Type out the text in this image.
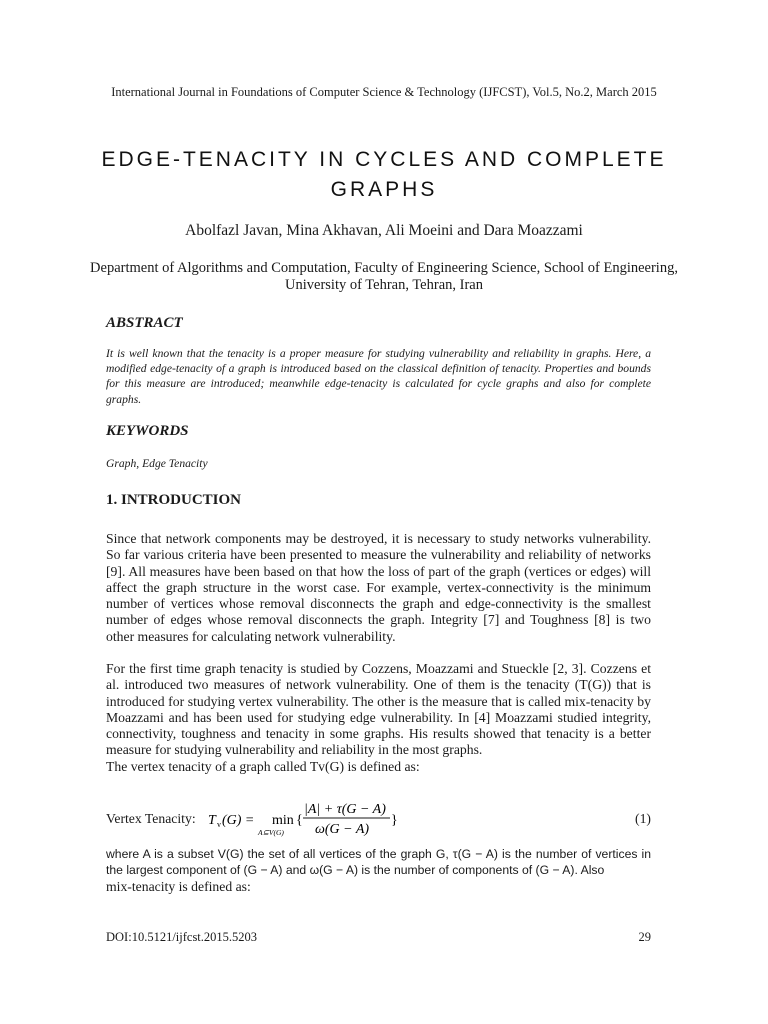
International Journal in Foundations of Computer Science & Technology (IJFCST), Vol.5, No.2, March 2015
EDGE-TENACITY IN CYCLES AND COMPLETE
GRAPHS
Abolfazl Javan, Mina Akhavan, Ali Moeini and Dara Moazzami
Department of Algorithms and Computation, Faculty of Engineering Science, School of Engineering, University of Tehran, Tehran, Iran
ABSTRACT
It is well known that the tenacity is a proper measure for studying vulnerability and reliability in graphs. Here, a modified edge-tenacity of a graph is introduced based on the classical definition of tenacity. Properties and bounds for this measure are introduced; meanwhile edge-tenacity is calculated for cycle graphs and also for complete graphs.
KEYWORDS
Graph, Edge Tenacity
1. INTRODUCTION

Since that network components may be destroyed, it is necessary to study networks vulnerability. So far various criteria have been presented to measure the vulnerability and reliability of networks [9]. All measures have been based on that how the loss of part of the graph (vertices or edges) will affect the graph structure in the worst case. For example, vertex-connectivity is the minimum number of vertices whose removal disconnects the graph and edge-connectivity is the smallest number of edges whose removal disconnects the graph. Integrity [7] and Toughness [8] is two other measures for calculating network vulnerability.

For the first time graph tenacity is studied by Cozzens, Moazzami and Stueckle [2, 3]. Cozzens et al. introduced two measures of network vulnerability. One of them is the tenacity (T(G)) that is introduced for studying vertex vulnerability. The other is the measure that is called mix-tenacity by Moazzami and has been used for studying edge vulnerability. In [4] Moazzami studied integrity, connectivity, toughness and tenacity in some graphs. His results showed that tenacity is a better measure for studying vulnerability and reliability in the most graphs.

The vertex tenacity of a graph called Tv(G) is defined as:

Vertex Tenacity: T v (G) = min
A⊆V(G)
{
|A| + τ(G − A)
ω(G − A)
}	(1)
where A is a subset V(G) the set of all vertices of the graph G, τ(G − A) is the number of vertices in the largest component of (G − A) and ω(G − A) is the number of components of (G − A). Also
mix-tenacity is defined as:
DOI:10.5121/ijfcst.2015.5203	29
